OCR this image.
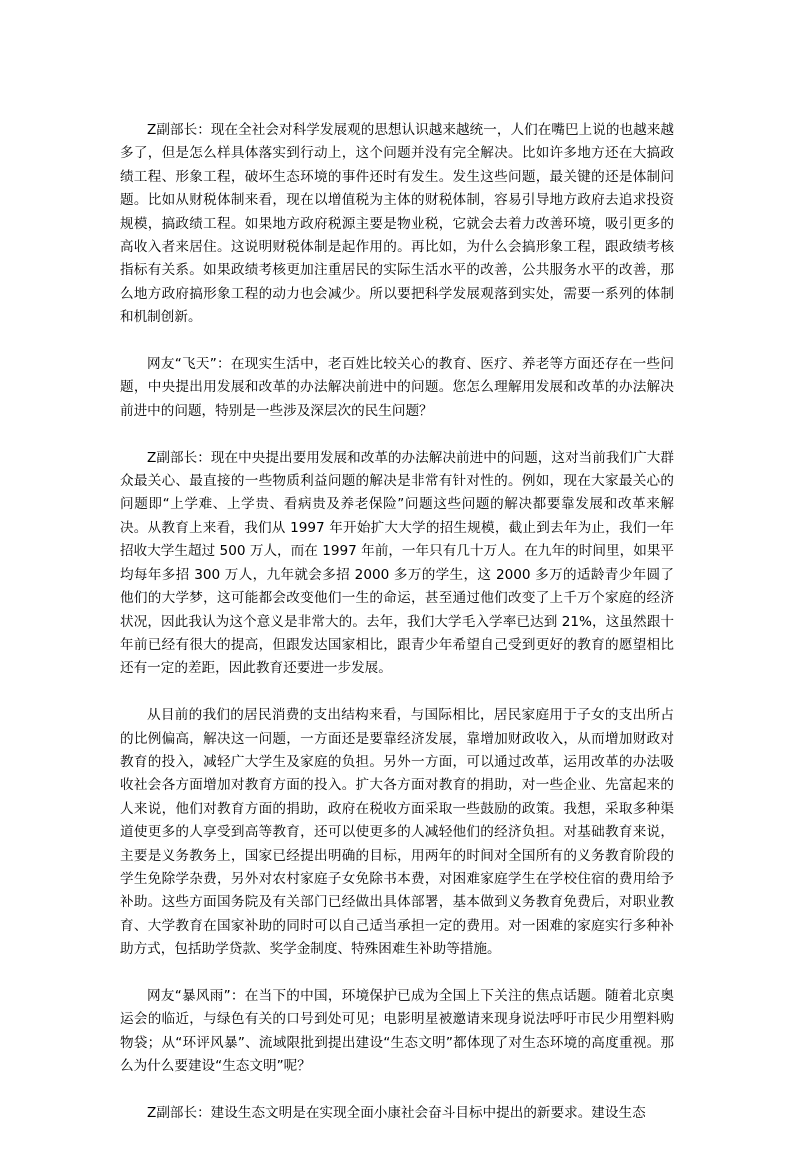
Z副部长：现在全社会对科学发展观的思想认识越来越统一，人们在嘴巴上说的也越来越多了，但是怎么样具体落实到行动上，这个问题并没有完全解决。比如许多地方还在大搞政绩工程、形象工程，破坏生态环境的事件还时有发生。发生这些问题，最关键的还是体制问题。比如从财税体制来看，现在以增值税为主体的财税体制，容易引导地方政府去追求投资规模，搞政绩工程。如果地方政府税源主要是物业税，它就会去着力改善环境，吸引更多的高收入者来居住。这说明财税体制是起作用的。再比如，为什么会搞形象工程，跟政绩考核指标有关系。如果政绩考核更加注重居民的实际生活水平的改善，公共服务水平的改善，那么地方政府搞形象工程的动力也会减少。所以要把科学发展观落到实处，需要一系列的体制和机制创新。

网友“飞天”：在现实生活中，老百姓比较关心的教育、医疗、养老等方面还存在一些问题，中央提出用发展和改革的办法解决前进中的问题。您怎么理解用发展和改革的办法解决前进中的问题，特别是一些涉及深层次的民生问题？

Z副部长：现在中央提出要用发展和改革的办法解决前进中的问题，这对当前我们广大群众最关心、最直接的一些物质利益问题的解决是非常有针对性的。例如，现在大家最关心的问题即“上学难、上学贵、看病贵及养老保险”问题这些问题的解决都要靠发展和改革来解决。从教育上来看，我们从 1997 年开始扩大大学的招生规模，截止到去年为止，我们一年招收大学生超过 500 万人，而在 1997 年前，一年只有几十万人。在九年的时间里，如果平均每年多招 300 万人，九年就会多招 2000 多万的学生，这 2000 多万的适龄青少年圆了他们的大学梦，这可能都会改变他们一生的命运，甚至通过他们改变了上千万个家庭的经济状况，因此我认为这个意义是非常大的。去年，我们大学毛入学率已达到 21%，这虽然跟十年前已经有很大的提高，但跟发达国家相比，跟青少年希望自己受到更好的教育的愿望相比还有一定的差距，因此教育还要进一步发展。

从目前的我们的居民消费的支出结构来看，与国际相比，居民家庭用于子女的支出所占的比例偏高，解决这一问题，一方面还是要靠经济发展，靠增加财政收入，从而增加财政对教育的投入，减轻广大学生及家庭的负担。另外一方面，可以通过改革，运用改革的办法吸收社会各方面增加对教育方面的投入。扩大各方面对教育的捐助，对一些企业、先富起来的人来说，他们对教育方面的捐助，政府在税收方面采取一些鼓励的政策。我想，采取多种渠道使更多的人享受到高等教育，还可以使更多的人减轻他们的经济负担。对基础教育来说，主要是义务教务上，国家已经提出明确的目标，用两年的时间对全国所有的义务教育阶段的学生免除学杂费，另外对农村家庭子女免除书本费，对困难家庭学生在学校住宿的费用给予补助。这些方面国务院及有关部门已经做出具体部署，基本做到义务教育免费后，对职业教育、大学教育在国家补助的同时可以自己适当承担一定的费用。对一困难的家庭实行多种补助方式，包括助学贷款、奖学金制度、特殊困难生补助等措施。

网友“暴风雨”：在当下的中国，环境保护已成为全国上下关注的焦点话题。随着北京奥运会的临近，与绿色有关的口号到处可见；电影明星被邀请来现身说法呼吁市民少用塑料购物袋；从“环评风暴”、流域限批到提出建设“生态文明”都体现了对生态环境的高度重视。那么为什么要建设“生态文明”呢？

Z副部长：建设生态文明是在实现全面小康社会奋斗目标中提出的新要求。建设生态
